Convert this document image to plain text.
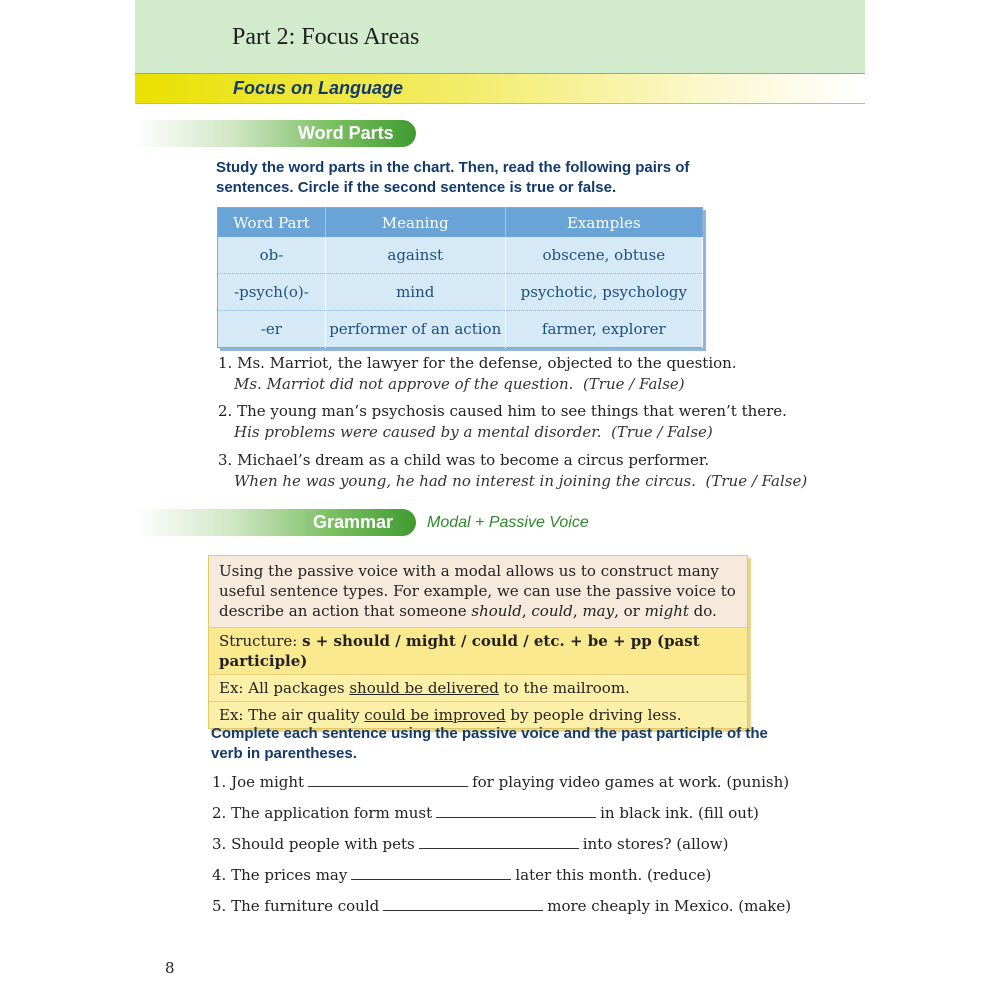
Part 2: Focus Areas
Focus on Language
Word Parts
Study the word parts in the chart. Then, read the following pairs of sentences. Circle if the second sentence is true or false.
Word Part	Meaning	Examples
ob-	against	obscene, obtuse
-psych(o)-	mind	psychotic, psychology
-er	performer of an action	farmer, explorer
1. Ms. Marriot, the lawyer for the defense, objected to the question.
Ms. Marriot did not approve of the question. (True / False)
2. The young man’s psychosis caused him to see things that weren’t there.
His problems were caused by a mental disorder. (True / False)
3. Michael’s dream as a child was to become a circus performer.
When he was young, he had no interest in joining the circus. (True / False)
Grammar Modal + Passive Voice
Using the passive voice with a modal allows us to construct many useful sentence types. For example, we can use the passive voice to describe an action that someone should, could, may, or might do.
Structure: s + should / might / could / etc. + be + pp (past participle)
Ex: All packages should be delivered to the mailroom.
Ex: The air quality could be improved by people driving less.
Complete each sentence using the passive voice and the past participle of the verb in parentheses.
1. Joe might	for playing video games at work. (punish)
2. The application form must	in black ink. (fill out)
3. Should people with pets	into stores? (allow)
4. The prices may	later this month. (reduce)
5. The furniture could	more cheaply in Mexico. (make)
8
